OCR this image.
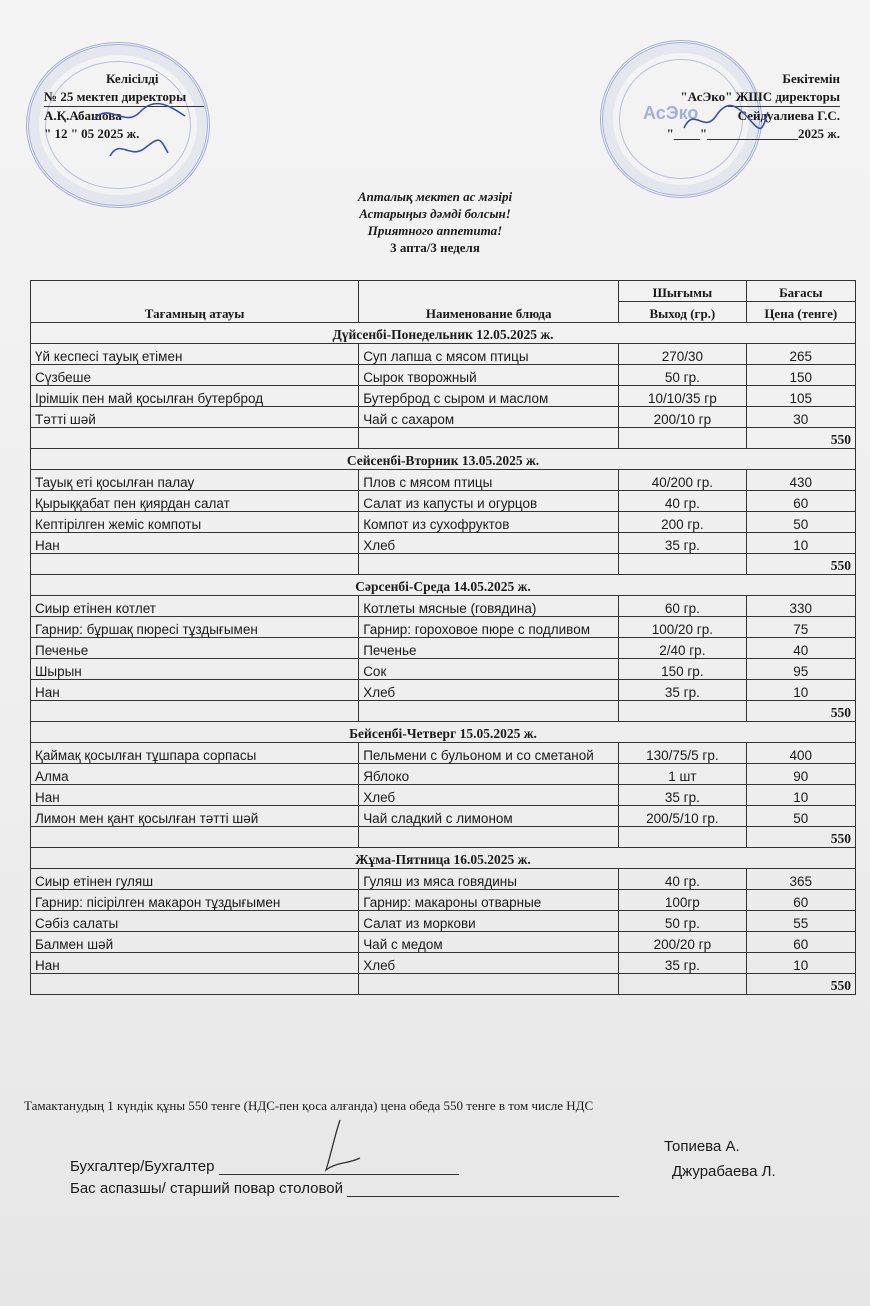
Келісілді
№ 25 мектеп директоры
А.Қ.Абашова
" 12 " 05 2025 ж.
АсЭко
Бекітемін
"АсЭко" ЖШС директоры
Сейдуалиева Г.С.
"____"______________2025 ж.
Апталық мектеп ас мәзірі
Астарыңыз дәмді болсын!
Приятного аппетита!
3 апта/3 неделя
Тағамның атауы	Наименование блюда	Шығымы	Бағасы
		Выход (гр.)	Цена (тенге)
Дүйсенбі-Понедельник 12.05.2025 ж.			
Үй кеспесі тауық етімен	Суп лапша с мясом птицы	270/30	265
Сүзбеше	Сырок творожный	50 гр.	150
Ірімшік пен май қосылған бутерброд	Бутерброд с сыром и маслом	10/10/35 гр	105
Тәтті шәй	Чай с сахаром	200/10 гр	30
			550
Сейсенбі-Вторник 13.05.2025 ж.			
Тауық еті қосылған палау	Плов с мясом птицы	40/200 гр.	430
Қырыққабат пен қиярдан салат	Салат из капусты и огурцов	40 гр.	60
Кептірілген жеміс компоты	Компот из сухофруктов	200 гр.	50
Нан	Хлеб	35 гр.	10
			550
Сәрсенбі-Среда 14.05.2025 ж.			
Сиыр етінен котлет	Котлеты мясные (говядина)	60 гр.	330
Гарнир: бұршақ пюресі тұздығымен	Гарнир: гороховое пюре с подливом	100/20 гр.	75
Печенье	Печенье	2/40 гр.	40
Шырын	Сок	150 гр.	95
Нан	Хлеб	35 гр.	10
			550
Бейсенбі-Четверг 15.05.2025 ж.			
Қаймақ қосылған тұшпара сорпасы	Пельмени с бульоном и со сметаной	130/75/5 гр.	400
Алма	Яблоко	1 шт	90
Нан	Хлеб	35 гр.	10
Лимон мен қант қосылған тәтті шәй	Чай сладкий с лимоном	200/5/10 гр.	50
			550
Жұма-Пятница 16.05.2025 ж.			
Сиыр етінен гуляш	Гуляш из мяса говядины	40 гр.	365
Гарнир: пісірілген макарон тұздығымен	Гарнир: макароны отварные	100гр	60
Сәбіз салаты	Салат из моркови	50 гр.	55
Балмен шәй	Чай с медом	200/20 гр	60
Нан	Хлеб	35 гр.	10
			550
Тамактанудың 1 күндік құны 550 тенге (НДС-пен қоса алғанда) цена обеда 550 тенге в том числе НДС
Бухгалтер/Бухгалтер
Топиева А.
Бас аспазшы/ старший повар столовой
Джурабаева Л.
